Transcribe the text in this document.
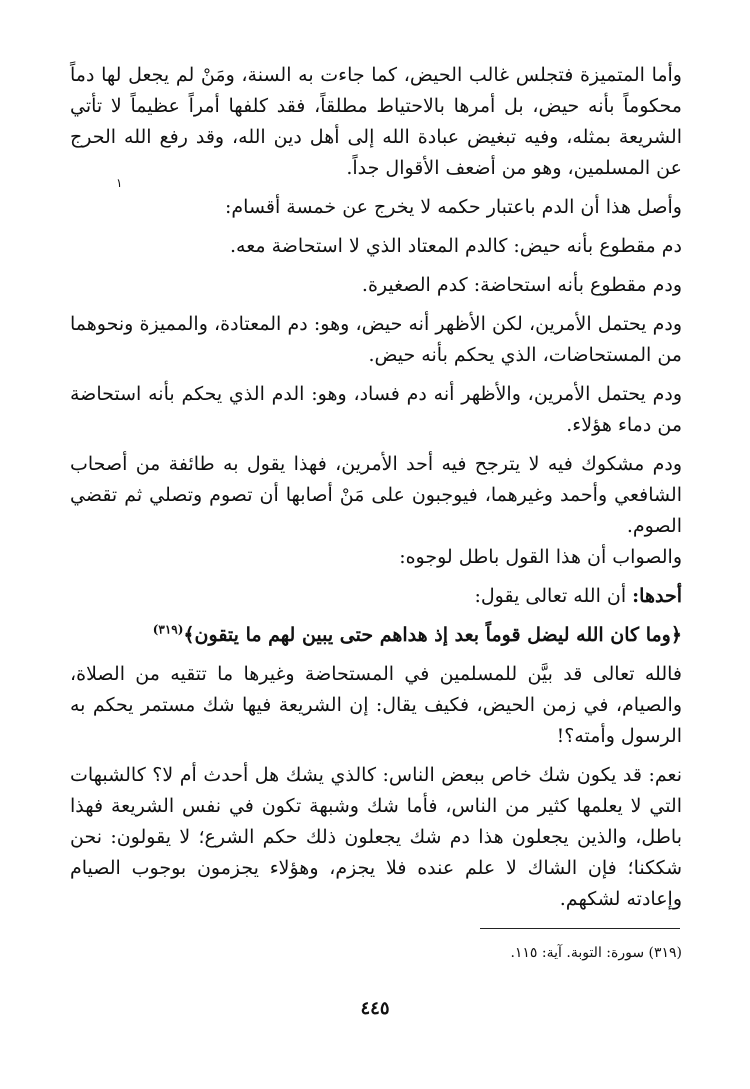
وأما المتميزة فتجلس غالب الحيض، كما جاءت به السنة، ومَنْ لم يجعل لها دماً محكوماً بأنه حيض، بل أمرها بالاحتياط مطلقاً، فقد كلفها أمراً عظيماً لا تأتي الشريعة بمثله، وفيه تبغيض عبادة الله إلى أهل دين الله، وقد رفع الله الحرج عن المسلمين، وهو من أضعف الأقوال جداً.

وأصل هذا أن الدم باعتبار حكمه لا يخرج عن خمسة أقسام:

دم مقطوع بأنه حيض: كالدم المعتاد الذي لا استحاضة معه.

ودم مقطوع بأنه استحاضة: كدم الصغيرة.

ودم يحتمل الأمرين، لكن الأظهر أنه حيض، وهو: دم المعتادة، والمميزة ونحوهما من المستحاضات، الذي يحكم بأنه حيض.

ودم يحتمل الأمرين، والأظهر أنه دم فساد، وهو: الدم الذي يحكم بأنه استحاضة من دماء هؤلاء.

ودم مشكوك فيه لا يترجح فيه أحد الأمرين، فهذا يقول به طائفة من أصحاب الشافعي وأحمد وغيرهما، فيوجبون على مَنْ أصابها أن تصوم وتصلي ثم تقضي الصوم.

والصواب أن هذا القول باطل لوجوه:

أحدها: أن الله تعالى يقول:

﴿وما كان الله ليضل قوماً بعد إذ هداهم حتى يبين لهم ما يتقون﴾$^{(٣١٩)}$

فالله تعالى قد بيَّن للمسلمين في المستحاضة وغيرها ما تتقيه من الصلاة، والصيام، في زمن الحيض، فكيف يقال: إن الشريعة فيها شك مستمر يحكم به الرسول وأمته؟!

نعم: قد يكون شك خاص ببعض الناس: كالذي يشك هل أحدث أم لا؟ كالشبهات التي لا يعلمها كثير من الناس، فأما شك وشبهة تكون في نفس الشريعة فهذا باطل، والذين يجعلون هذا دم شك يجعلون ذلك حكم الشرع؛ لا يقولون: نحن شككنا؛ فإن الشاك لا علم عنده فلا يجزم، وهؤلاء يجزمون بوجوب الصيام وإعادته لشكهم.

١
(٣١٩) سورة: التوبة. آية: ١١٥.
٤٤٥
